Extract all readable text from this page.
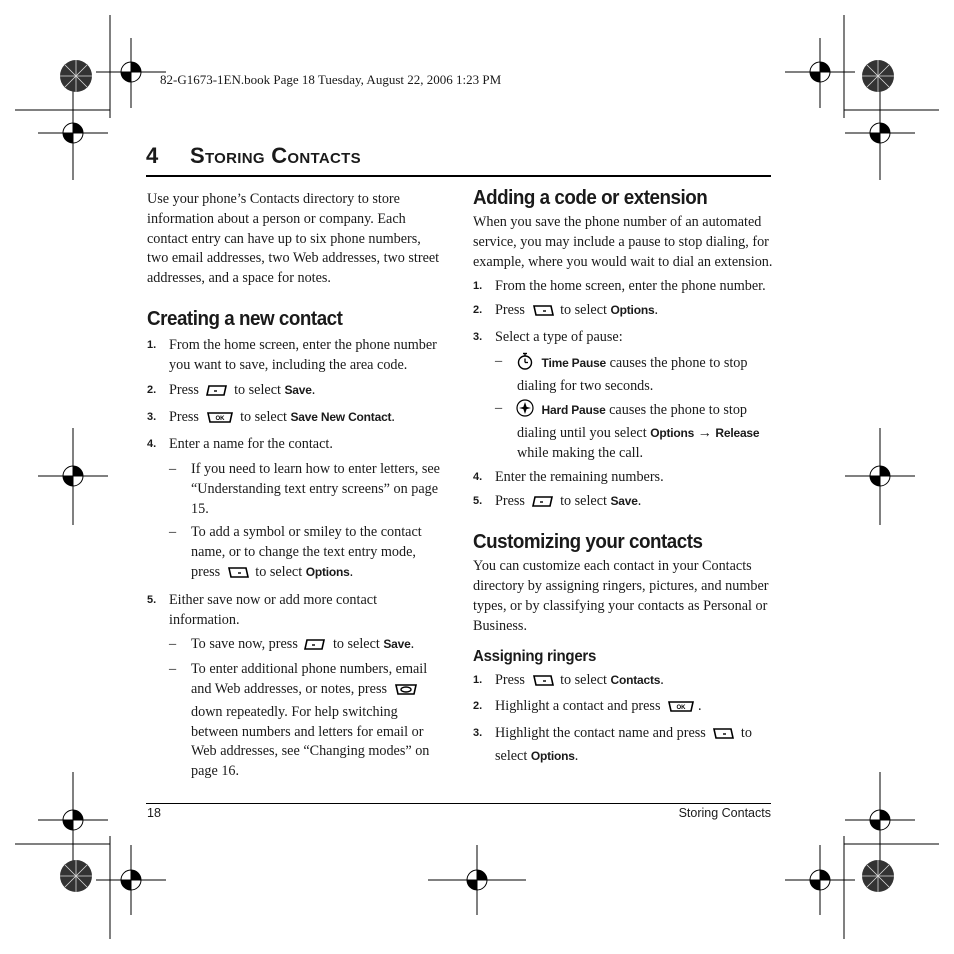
82-G1673-1EN.book Page 18 Tuesday, August 22, 2006 1:23 PM
4 Storing Contacts

Use your phone’s Contacts directory to store information about a person or company. Each contact entry can have up to six phone numbers, two email addresses, two Web addresses, two street addresses, and a space for notes.

Creating a new contact
1. From the home screen, enter the phone number you want to save, including the area code.
2. Press to select Save.
3. Press	OK to select Save New Contact.
4. Enter a name for the contact.
– If you need to learn how to enter letters, see “Understanding text entry screens” on page 15.
– To add a symbol or smiley to the contact name, or to change the text entry mode, press to select Options.
5. Either save now or add more contact information.
– To save now, press to select Save.
– To enter additional phone numbers, email and Web addresses, or notes, press  down repeatedly. For help switching between numbers and letters for email or Web addresses, see “Changing modes” on page 16.
Adding a code or extension

When you save the phone number of an automated service, you may include a pause to stop dialing, for example, where you would wait to dial an extension.

1. From the home screen, enter the phone number.
2. Press to select Options.
3. Select a type of pause:
–	Time Pause causes the phone to stop dialing for two seconds.
–	Hard Pause causes the phone to stop dialing until you select Options → Release while making the call.
4. Enter the remaining numbers.
5. Press to select Save.
Customizing your contacts

You can customize each contact in your Contacts directory by assigning ringers, pictures, and number types, or by classifying your contacts as Personal or Business.

Assigning ringers
1. Press to select Contacts.
2. Highlight a contact and press	OK .
3. Highlight the contact name and press to select Options.
18	Storing Contacts
